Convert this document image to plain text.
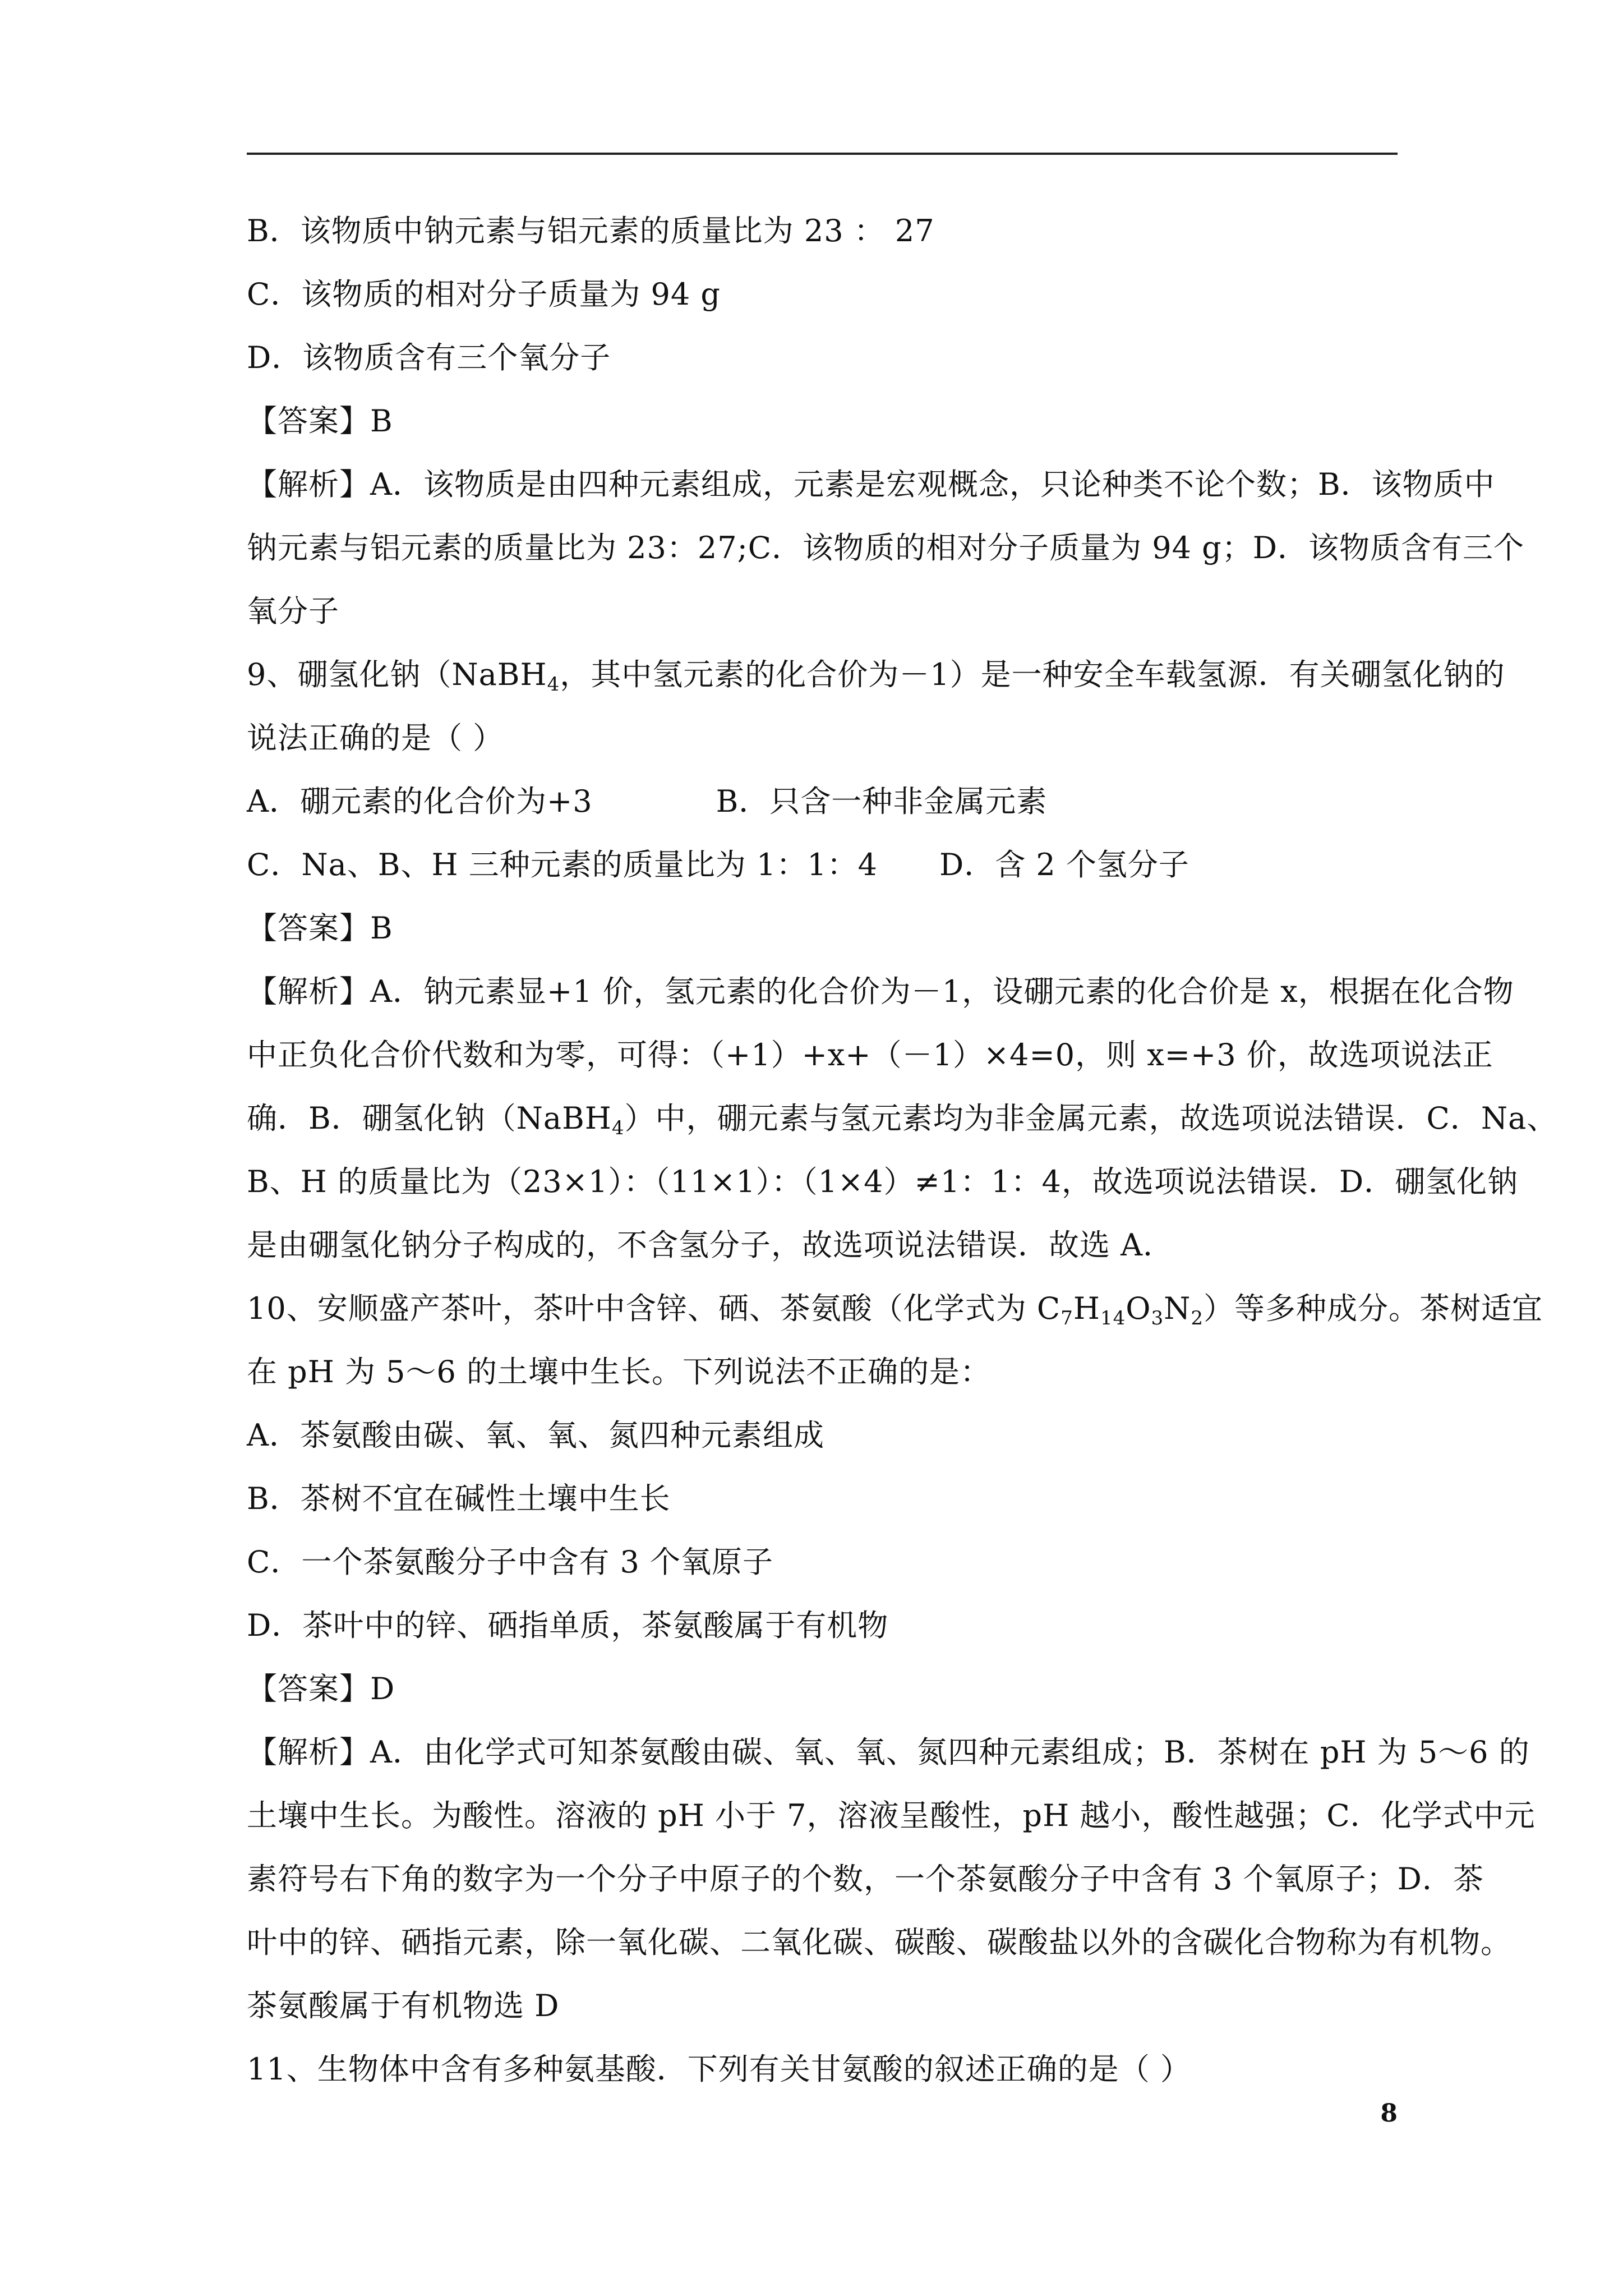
B．该物质中钠元素与铝元素的质量比为 23 ： 27
C．该物质的相对分子质量为 94 g
D．该物质含有三个氧分子
【答案】B
【解析】A．该物质是由四种元素组成，元素是宏观概念，只论种类不论个数；B．该物质中
钠元素与铝元素的质量比为 23：27;C．该物质的相对分子质量为 94 g；D．该物质含有三个
氧分子
9、硼氢化钠（NaBH$_4$，其中氢元素的化合价为－1）是一种安全车载氢源．有关硼氢化钠的
说法正确的是（ ）
A．硼元素的化合价为+3	B．只含一种非金属元素
C．Na、B、H 三种元素的质量比为 1：1：4 D．含 2 个氢分子
【答案】B
【解析】A．钠元素显+1 价，氢元素的化合价为－1，设硼元素的化合价是 x，根据在化合物
中正负化合价代数和为零，可得：（+1）+x+（－1）×4=0，则 x=+3 价，故选项说法正
确．B．硼氢化钠（NaBH$_4$）中，硼元素与氢元素均为非金属元素，故选项说法错误．C．Na、
B、H 的质量比为（23×1）：（11×1）：（1×4）≠1：1：4，故选项说法错误．D．硼氢化钠
是由硼氢化钠分子构成的，不含氢分子，故选项说法错误．故选 A．
10、安顺盛产茶叶，茶叶中含锌、硒、茶氨酸（化学式为 $C_7H_{14}O_3N_2$）等多种成分。茶树适宜
在 pH 为 5～6 的土壤中生长。下列说法不正确的是：
A．茶氨酸由碳、氧、氧、氮四种元素组成
B．茶树不宜在碱性土壤中生长
C．一个茶氨酸分子中含有 3 个氧原子
D．茶叶中的锌、硒指单质，茶氨酸属于有机物
【答案】D
【解析】A．由化学式可知茶氨酸由碳、氧、氧、氮四种元素组成；B．茶树在 pH 为 5～6 的
土壤中生长。为酸性。溶液的 pH 小于 7，溶液呈酸性，pH 越小，酸性越强；C．化学式中元
素符号右下角的数字为一个分子中原子的个数，一个茶氨酸分子中含有 3 个氧原子；D．茶
叶中的锌、硒指元素，除一氧化碳、二氧化碳、碳酸、碳酸盐以外的含碳化合物称为有机物。
茶氨酸属于有机物选 D
11、生物体中含有多种氨基酸．下列有关甘氨酸的叙述正确的是（ ）
8
